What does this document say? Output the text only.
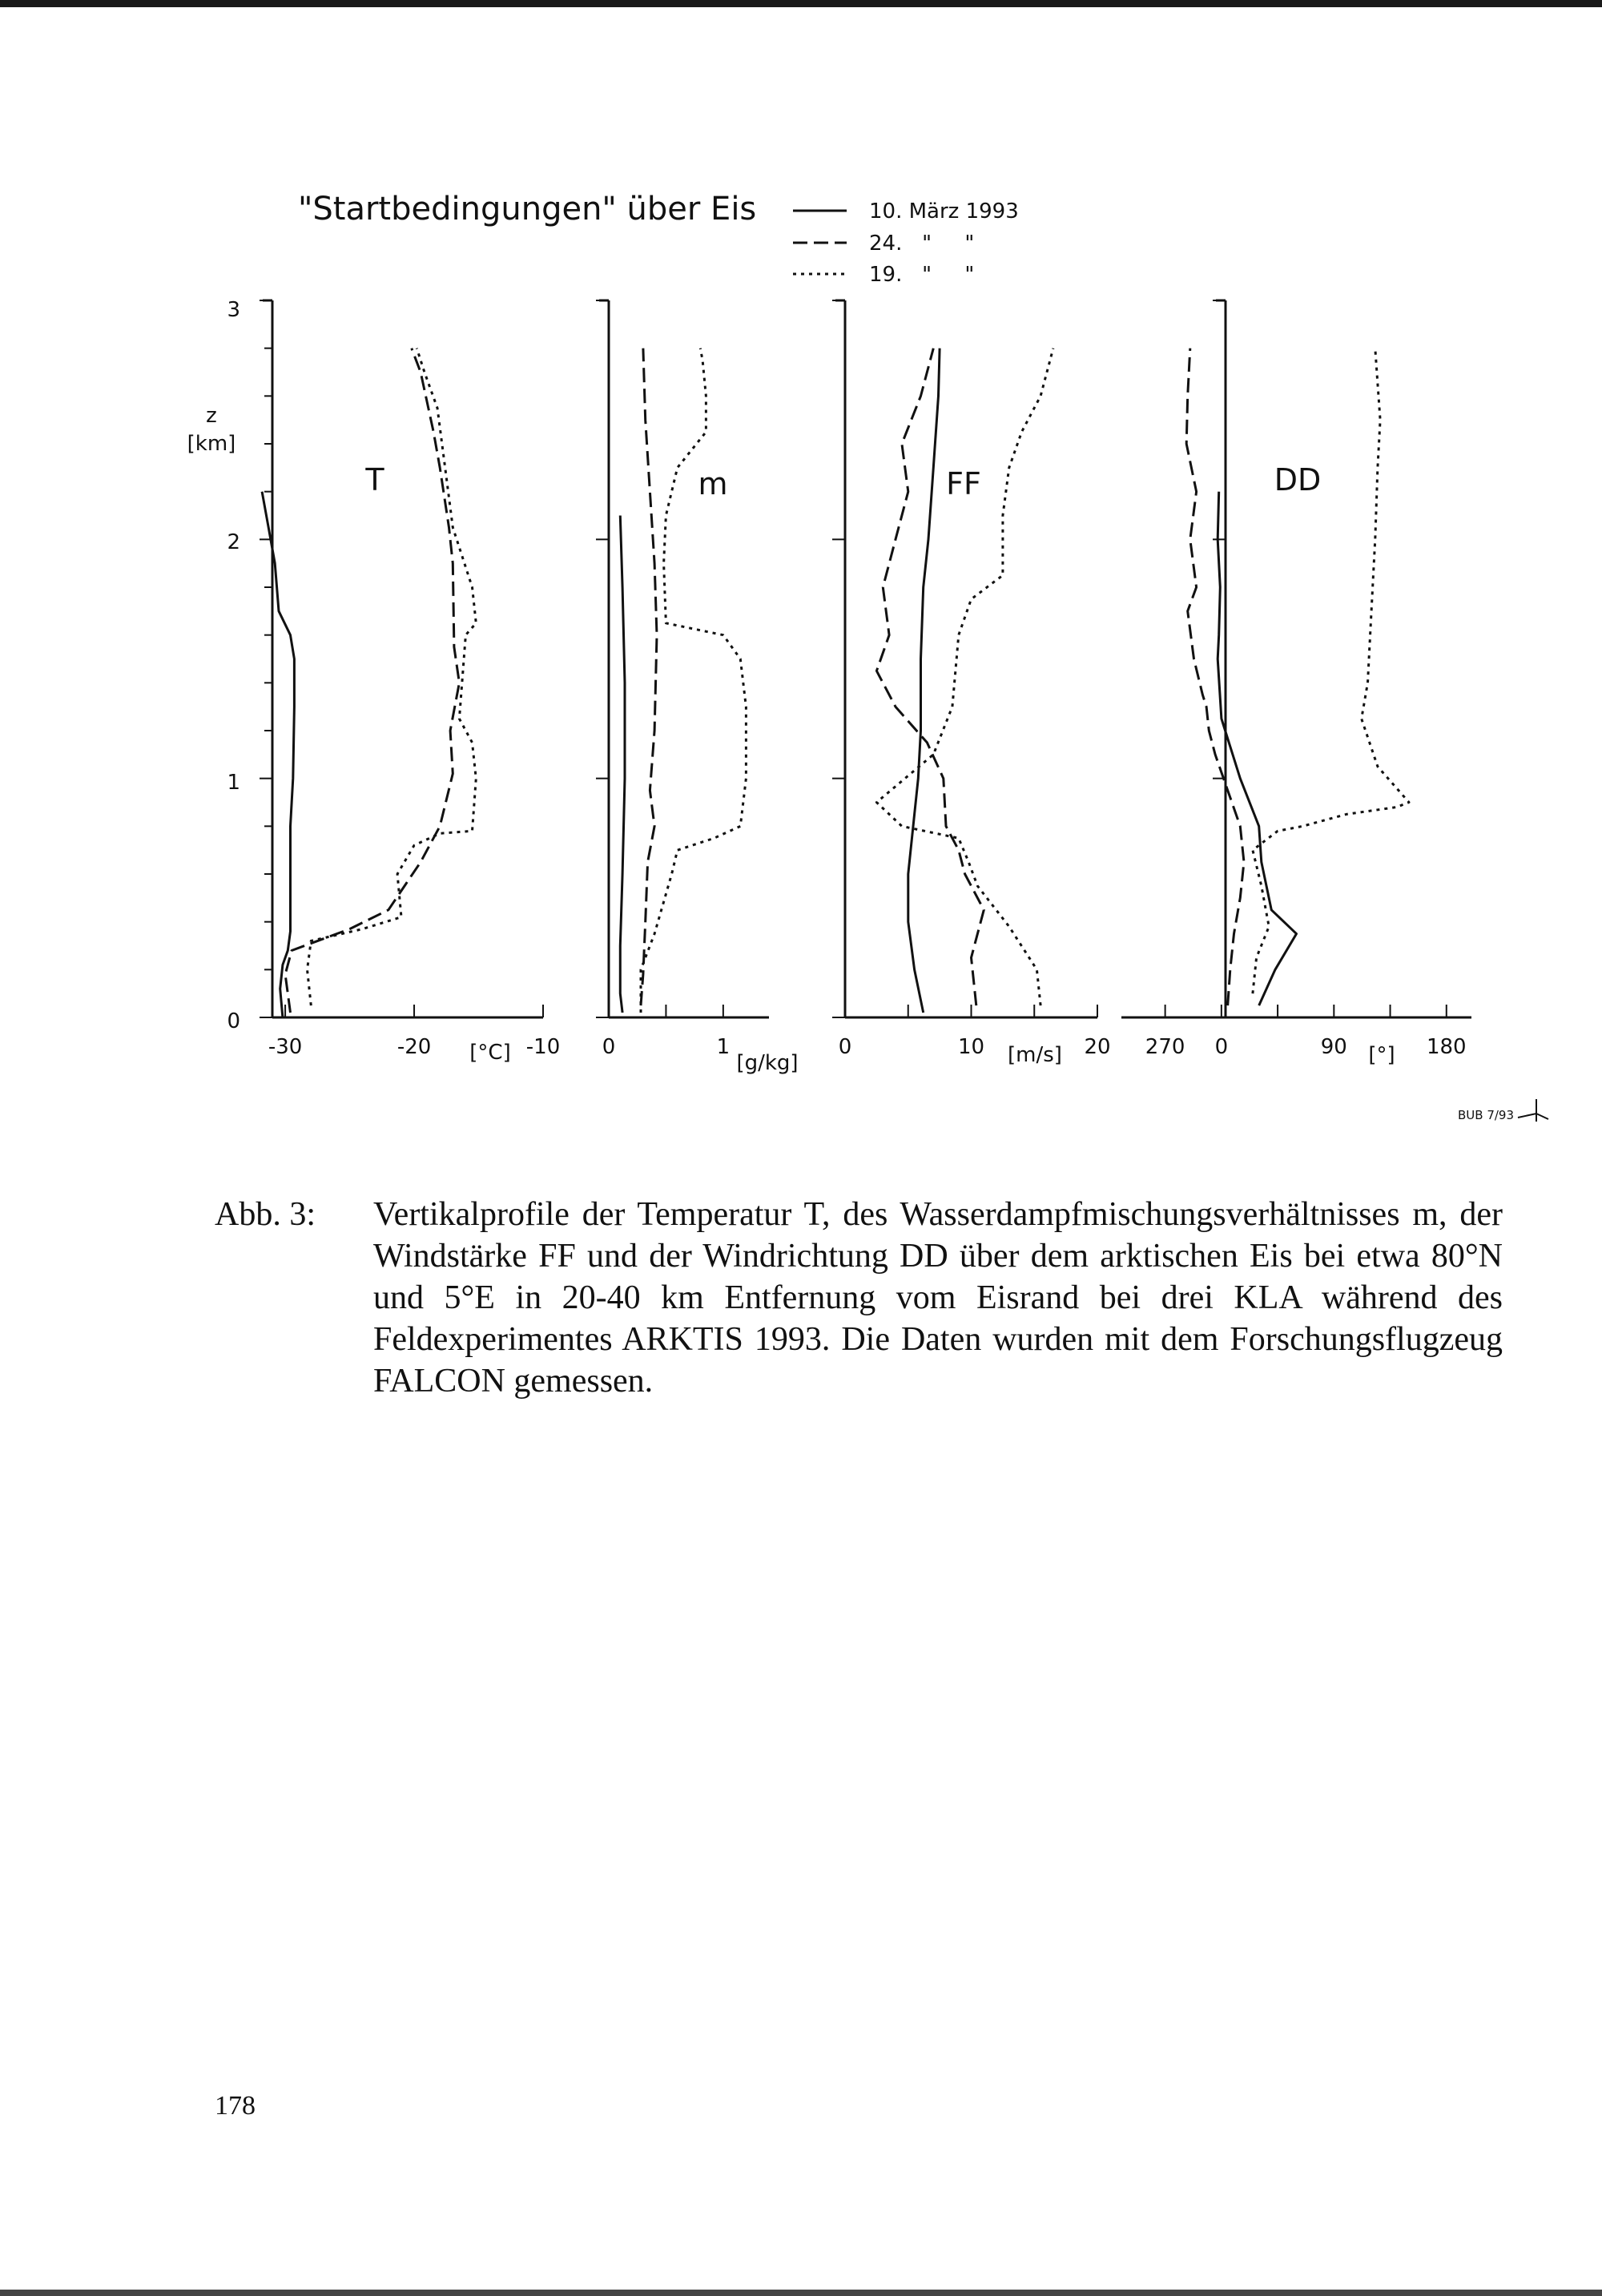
"Startbedingungen" über Eis	10. März 1993
24.   "     "
19.   "     "
z
[km]
3
2
1
0
-30	-20	-10
[°C]
T
0	1
[g/kg]
m
0	10	20
[m/s]
FF
270 0	90	180
[°]
DD
BUB 7/93
Abb. 3: Vertikalprofile der Temperatur T, des Wasserdampfmischungsverhältnisses m, der Windstärke FF und der Windrichtung DD über dem arktischen Eis bei etwa 80°N und 5°E in 20-40 km Entfernung vom Eisrand bei drei KLA während des Feldexperimentes ARKTIS 1993. Die Daten wurden mit dem Forschungsflugzeug FALCON gemessen.
178
